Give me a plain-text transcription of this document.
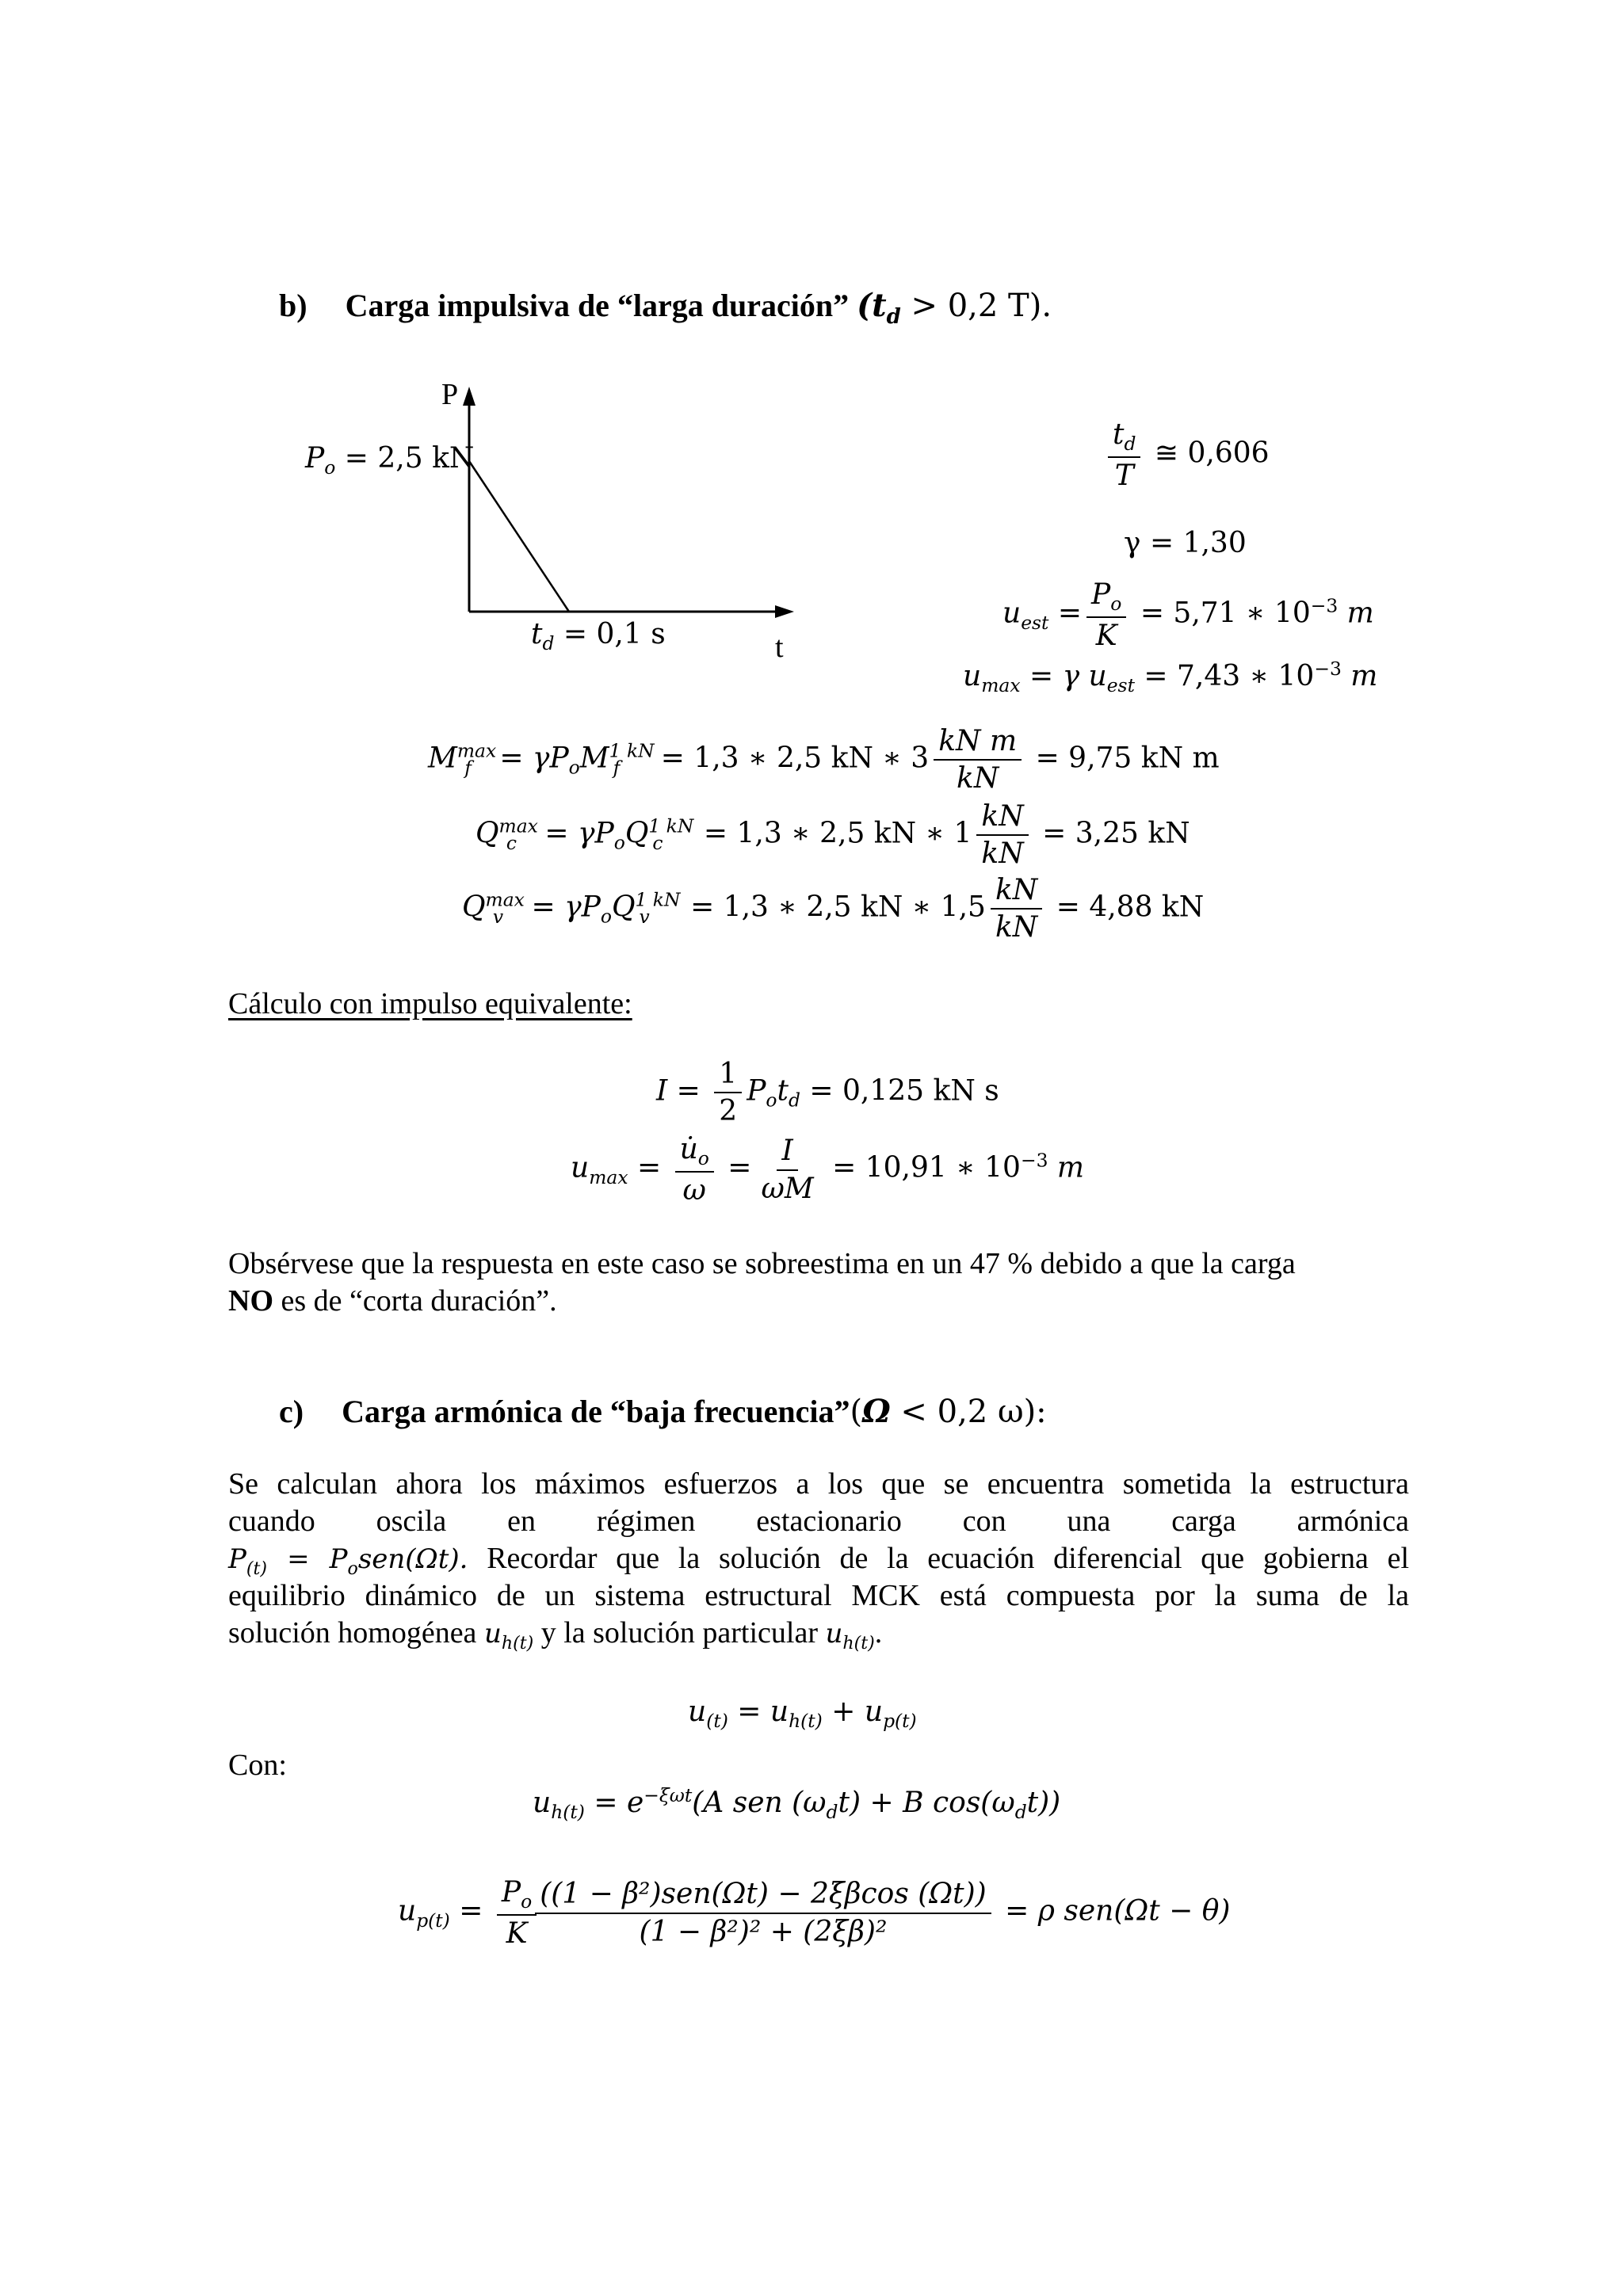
b) Carga impulsiva de “larga duración” ($t_d > 0,2$ T).
P
t
$P_o = 2,5$ kN
$t_d = 0,1$ s
$\frac{t_d}{T}$ ≅ 0,606
γ = 1,30
$u_{est} = \frac{P_o}{K} = 5,71$ ∗ $10^{-3}$ m
$u_{max} = \gamma$ $u_{est} = 7,43$ ∗ $10^{-3}$ m
$M^{max}_f = \gamma P_oM^{1 kN}_f = 1,3$ ∗ 2,5 kN ∗ $3 \frac{\text{kN m}}{kN} = 9,75$ kN m
$Q^{max}_c = \gamma P_oQ^{1 kN}_c = 1,3$ ∗ 2,5 kN ∗ $1 \frac{kN}{kN} = 3,25$ kN
$Q^{max}_v = \gamma P_oQ^{1 kN}_v = 1,3$ ∗ 2,5 kN ∗ $1,5 \frac{kN}{kN} = 4,88$ kN
Cálculo con impulso equivalente:
$I = \frac{1}{2} P_ot_d = 0,125$ kN s
$u_{max} = \frac{u̇_o}{\omega} = \frac{I}{\omega M} = 10,91$ ∗ $10^{-3}$ m
Obsérvese que la respuesta en este caso se sobreestima en un 47 % debido a que la carga
NO es de “corta duración”.
c) Carga armónica de “baja frecuencia”(Ω < 0,2 ω):
Se calculan ahora los máximos esfuerzos a los que se encuentra sometida la estructura
cuando oscila en régimen estacionario con una carga armónica
$P_{(t)} = P_osen(\Omega t)$. Recordar que la solución de la ecuación diferencial que gobierna el
equilibrio dinámico de un sistema estructural MCK está compuesta por la suma de la
solución homogénea $u_{h(t)}$ y la solución particular $u_{h(t)}$.
$u_{(t)} = u_{h(t)} + u_{p(t)}$
Con:
$u_{h(t)} = e^{-\xi\omega t}(A$ sen $(\omega_dt) + B$ $\cos(\omega_dt)$)
$u_{p(t)} = \frac{P_o}{K}$
$\frac{\text{((1 − β²)sen(Ωt) − 2ξβcos (Ωt))}}{\text{(1 − β²)² + (2ξβ)²}} = \rho$ sen(Ωt − θ)
